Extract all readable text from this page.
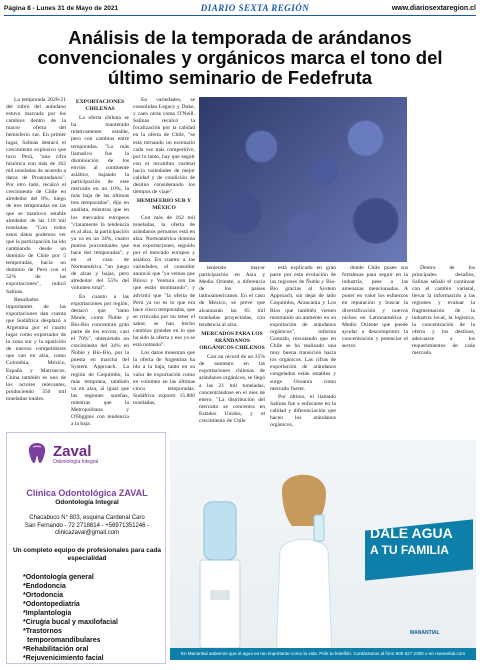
Página 8 - Lunes 31 de Mayo de 2021	DIARIO SEXTA REGIÓN	www.diariosextaregion.cl
Análisis de la temporada de arándanos convencionales y orgánicos marca el tono del último seminario de Fedefruta

La temporada 2020-21 del rubro del arándano estuvo marcada por los cambios dentro de la macro oferta del hemisferio sur. En primer lugar, Salinas destacó el crecimiento explosivo que tuvo Perú, "una cifra histórica con más de 162 mil toneladas de acuerdo a datos de Proarandanos". Por otro lado, recalcó el crecimiento de Chile en alrededor del 8%, luego de tres temporadas en las que se mantuvo estable alrededor de las 110 mil toneladas. "Con todos estos datos podemos ver que la participación ha ido cambiando desde un dominio de Chile por 5 temporadas, hacia un dominio de Perú con el 52% de las exportaciones", indicó Salinas.

Resultados importantes de las exportaciones dan cuenta que Sudáfrica desplazó a Argentina por el cuarto lugar como exportador de la zona sur y la aparición de nuevos competidores que van en alza, como Colombia, México, España y Marruecos. China también es uno de los actores relevantes, produciendo 350 mil toneladas totales.

EXPORTACIONES CHILENAS

La oferta chilena se ha mantenido relativamente estable, pero con cambios entre temporadas. "Lo más llamativo fue la disminución de los envíos al continente asiático, bajando la participación de este mercado en un 10%, la más baja de las últimas tres temporadas", dijo en analista, mientras que en los mercados europeos "claramente la tendencia es al alza, la participación ya va en un 34%, cuatro puntos porcentuales que hace dos temporadas", y en el caso de Norteamérica "un juego de alzas y bajas, pero alrededor del 55% del volumen total".

En cuanto a las exportaciones por región, destacó que "tanto Maule, como Ñuble y Bío-Bío concentran gran parte de los envíos, casi el 70%", obteniendo un crecimiento del 34% en Ñuble y Bío-Bío, por la puesta en marcha del System Approach. La región de Coquimbo, la más temprana, también va en alza, al igual que las regiones sureñas, mientras que la Metropolitana y O'Higgins con tendencia a la baja.

En variedades, se consolidan Legacy y Duke, y caen otras como O'Neill. Salinas recalcó la focalización por la calidad en la oferta de Chile, "se está tornando un escenario cada vez más competitivo, por lo tanto, hay que seguir con el recambio varietal hacia variedades de mejor calidad y de condición de destino considerando los tiempos de viaje".

HEMISFERIO SUR Y MÉXICO

Con más de 162 mil toneladas, la oferta de arándanos peruanos está en alza. Norteamérica domina sus exportaciones, seguido por el mercado europeo y asiático. En cuanto a las variedades, el consultor anunció que "ya vemos que Biloxi y Ventura son las que están dominando", y advirtió que "la oferta de Perú ya no es lo que era hace cinco temporadas, que se criticaba por no tener el sabor, se han hecho cambios grandes en lo que ha sido la oferta y eso ya se está notando".

Los datos muestran que la oferta de Argentina ha ido a la baja, tanto en su valor de exportación como en volumen en las últimas cinco temporadas. Sudáfrica exportó 15.800 toneladas,

teniendo mayor participación en Asia y Medio Oriente, a diferencia de los países latinoamericanos. En el caso de México, se prevé que alcanzarán las 65 mil toneladas proyectadas, con tendencia al alza.

MERCADOS PARA LOS ARÁNDANOS ORGÁNICOS CHILENOS

Con un récord de un 35% de aumento en las exportaciones chilenas de arándanos orgánicos, se llegó a las 21 mil toneladas, concentrándose en el mes de enero. "La distribución del mercado se concentra en Estados Unidos, y el crecimiento de Chile

está explicado en gran parte por esta evolución de las regiones de Ñuble y Bío-Bío gracias al System Approach, sin dejar de lado Coquimbo, Araucanía y Los Ríos que también vienen mostrando un aumento en su exportación de arándanos orgánicos", informa Gonzalo, rescatando que en Chile se ha realizado una muy buena transición hacia los orgánicos. Las cifras de exportación de arándanos congelados están estables y surge Oceanía como mercado fuerte.

Por último, el llamado Salinas fue a enfocarse en la calidad y diferenciación que hacen los arándanos orgánicos,

donde Chile posee sus fortalezas para seguir en la industria, pese a las amenazas mencionadas. A poner en valor los esfuerzos en reputación y buscar la diversificación y nuevos nichos en Latinoamérica y Medio Oriente que puede ayudar a descomprimir la concentración y potenciar el sector.

Dentro de los principales desafíos, Salinas señaló el continuar con el cambio varietal, llevar la información a las regiones y evaluar la fragmentación de la industria local, la logística, la concentración de la oferta y los destinos, adecuarse a los requerimientos de cada mercado.

Zaval
Odontología Integral
Clínica Odontológica ZAVAL
Odontología Integral
Chacabuco N° 803, esquina Cardenal Caro
San Fernando - 72 2718814 - +56971351246 -
clinicazaval@gmail.com
Un completo equipo de profesionales para cada especialidad
*Odontología general
*Endodoncia
*Ortodoncia
*Odontopediatría
*Implantología
*Cirugía bucal y maxilofacial
*Trastornos
temporomandibulares
*Rehabilitación oral
*Rejuvenicimiento facial
DALE AGUA
A TU FAMILIA
MANANTIAL
En Manantial sabemos que el agua es tan importante como la vida. Pide tu botellón. Contáctanos al fono 600 627 2300 o en manantial.com
